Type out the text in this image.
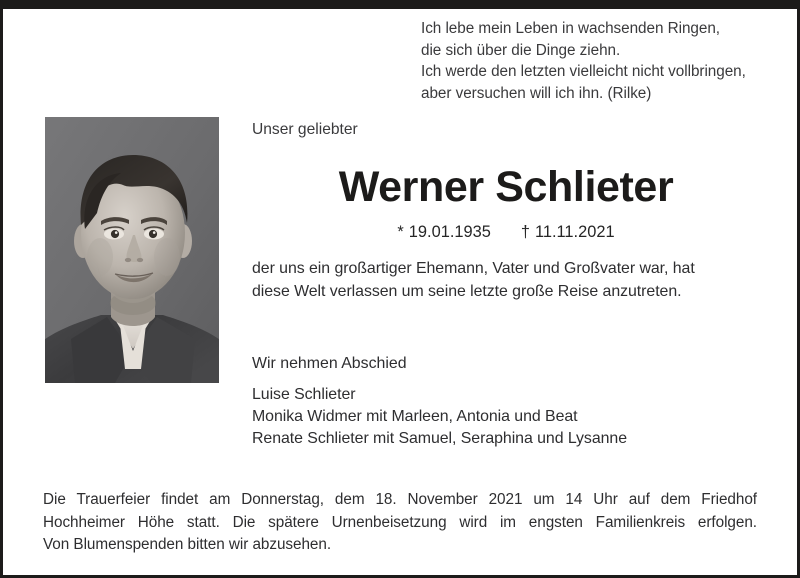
Ich lebe mein Leben in wachsenden Ringen,
die sich über die Dinge ziehn.
Ich werde den letzten vielleicht nicht vollbringen,
aber versuchen will ich ihn. (Rilke)
Unser geliebter
Werner Schlieter
* 19.01.1935 † 11.11.2021
der uns ein großartiger Ehemann, Vater und Großvater war, hat
diese Welt verlassen um seine letzte große Reise anzutreten.
Wir nehmen Abschied
Luise Schlieter
Monika Widmer mit Marleen, Antonia und Beat
Renate Schlieter mit Samuel, Seraphina und Lysanne
Die Trauerfeier findet am Donnerstag, dem 18. November 2021 um 14 Uhr auf dem Friedhof
Hochheimer Höhe statt. Die spätere Urnenbeisetzung wird im engsten Familienkreis erfolgen.
Von Blumenspenden bitten wir abzusehen.
